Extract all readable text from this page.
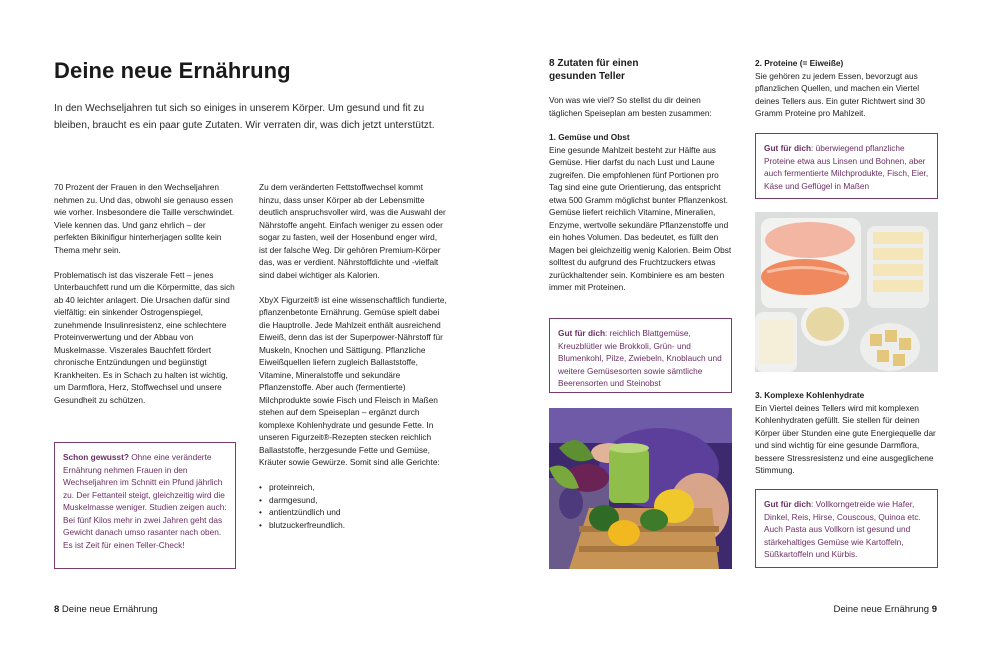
Deine neue Ernährung
In den Wechseljahren tut sich so einiges in unserem Körper. Um gesund und fit zu bleiben, braucht es ein paar gute Zutaten. Wir verraten dir, was dich jetzt unterstützt.

70 Prozent der Frauen in den Wechseljahren nehmen zu. Und das, obwohl sie genauso essen wie vorher. Insbesondere die Taille verschwindet. Viele kennen das. Und ganz ehrlich – der perfekten Bikinifigur hinterherjagen sollte kein Thema mehr sein.

Problematisch ist das viszerale Fett – jenes Unterbauchfett rund um die Körpermitte, das sich ab 40 leichter anlagert. Die Ursachen dafür sind vielfältig: ein sinkender Östrogenspiegel, zunehmende Insulinresistenz, eine schlechtere Proteinverwertung und der Abbau von Muskelmasse. Viszerales Bauchfett fördert chronische Entzündungen und begünstigt Krankheiten. Es in Schach zu halten ist wichtig, um Darmflora, Herz, Stoffwechsel und unsere Gesundheit zu schützen.

Schon gewusst? Ohne eine veränderte Ernährung nehmen Frauen in den Wechseljahren im Schnitt ein Pfund jährlich zu. Der Fettanteil steigt, gleichzeitig wird die Muskelmasse weniger. Studien zeigen auch: Bei fünf Kilos mehr in zwei Jahren geht das Gewicht danach umso rasanter nach oben. Es ist Zeit für einen Teller-Check!

Zu dem veränderten Fettstoffwechsel kommt hinzu, dass unser Körper ab der Lebensmitte deutlich anspruchsvoller wird, was die Auswahl der Nährstoffe angeht. Einfach weniger zu essen oder sogar zu fasten, weil der Hosenbund enger wird, ist der falsche Weg. Dir gehören Premium-Körper das, was er verdient. Nährstoffdichte und -vielfalt sind dabei wichtiger als Kalorien.

XbyX Figurzeit® ist eine wissenschaftlich fundierte, pflanzenbetonte Ernährung. Gemüse spielt dabei die Hauptrolle. Jede Mahlzeit enthält ausreichend Eiweiß, denn das ist der Superpower-Nährstoff für Muskeln, Knochen und Sättigung. Pflanzliche Eiweißquellen liefern zugleich Ballaststoffe, Vitamine, Mineralstoffe und sekundäre Pflanzenstoffe. Aber auch (fermentierte) Milchprodukte sowie Fisch und Fleisch in Maßen stehen auf dem Speiseplan – ergänzt durch komplexe Kohlenhydrate und gesunde Fette. In unseren Figurzeit®-Rezepten stecken reichlich Ballaststoffe, herzgesunde Fette und Gemüse, Kräuter sowie Gewürze. Somit sind alle Gerichte:

• proteinreich,
• darmgesund,
• antientzündlich und
• blutzuckerfreundlich.
8 Deine neue Ernährung
8 Zutaten für einen gesunden Teller
Von was wie viel? So stellst du dir deinen täglichen Speiseplan am besten zusammen:
1. Gemüse und Obst
Eine gesunde Mahlzeit besteht zur Hälfte aus Gemüse. Hier darfst du nach Lust und Laune zugreifen. Die empfohlenen fünf Portionen pro Tag sind eine gute Orientierung, das entspricht etwa 500 Gramm möglichst bunter Pflanzenkost. Gemüse liefert reichlich Vitamine, Mineralien, Enzyme, wertvolle sekundäre Pflanzenstoffe und ein hohes Volumen. Das bedeutet, es füllt den Magen bei gleichzeitig wenig Kalorien. Beim Obst solltest du aufgrund des Fruchtzuckers etwas zurückhaltender sein. Kombiniere es am besten immer mit Proteinen.
Gut für dich: reichlich Blattgemüse, Kreuzblütler wie Brokkoli, Grün- und Blumenkohl, Pilze, Zwiebeln, Knoblauch und weitere Gemüsesorten sowie sämtliche Beerensorten und Steinobst
2. Proteine (= Eiweiße)
Sie gehören zu jedem Essen, bevorzugt aus pflanzlichen Quellen, und machen ein Viertel deines Tellers aus. Ein guter Richtwert sind 30 Gramm Proteine pro Mahlzeit.
Gut für dich: überwiegend pflanzliche Proteine etwa aus Linsen und Bohnen, aber auch fermentierte Milchprodukte, Fisch, Eier, Käse und Geflügel in Maßen
3. Komplexe Kohlenhydrate
Ein Viertel deines Tellers wird mit komplexen Kohlenhydraten gefüllt. Sie stellen für deinen Körper über Stunden eine gute Energiequelle dar und sind wichtig für eine gesunde Darmflora, bessere Stressresistenz und eine ausgeglichene Stimmung.
Gut für dich: Vollkorngetreide wie Hafer, Dinkel, Reis, Hirse, Couscous, Quinoa etc. Auch Pasta aus Vollkorn ist gesund und stärkehaltiges Gemüse wie Kartoffeln, Süßkartoffeln und Kürbis.
Deine neue Ernährung 9
